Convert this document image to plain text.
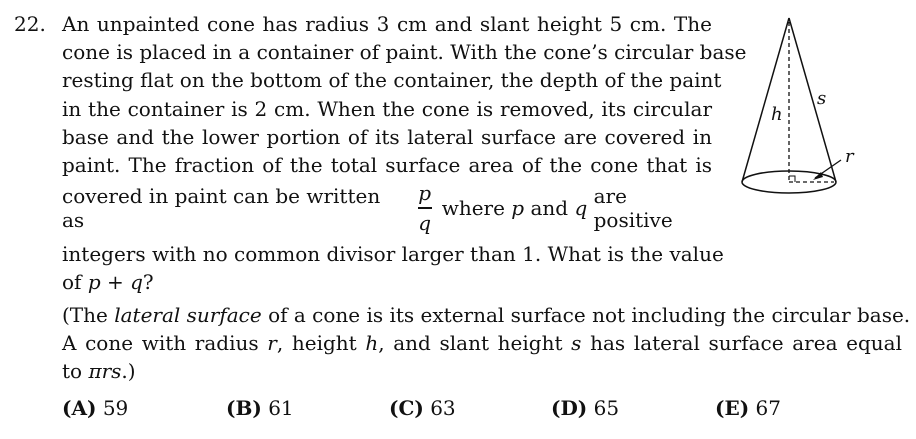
22. An unpainted cone has radius 3 cm and slant height 5 cm. The
cone is placed in a container of paint. With the cone’s circular base
resting flat on the bottom of the container, the depth of the paint
in the container is 2 cm. When the cone is removed, its circular
base and the lower portion of its lateral surface are covered in
paint. The fraction of the total surface area of the cone that is
covered in paint can be written as	$\frac{p}{q}$ where
p
and
q
are positive
integers with no common divisor larger than 1. What is the value
of p + q?
(The lateral surface of a cone is its external surface not including the circular base.
A cone with radius r, height h, and slant height s has lateral surface area equal
to πrs.)
(A) 59	(B) 61	(C) 63	(D) 65	(E) 67
h
s
r
